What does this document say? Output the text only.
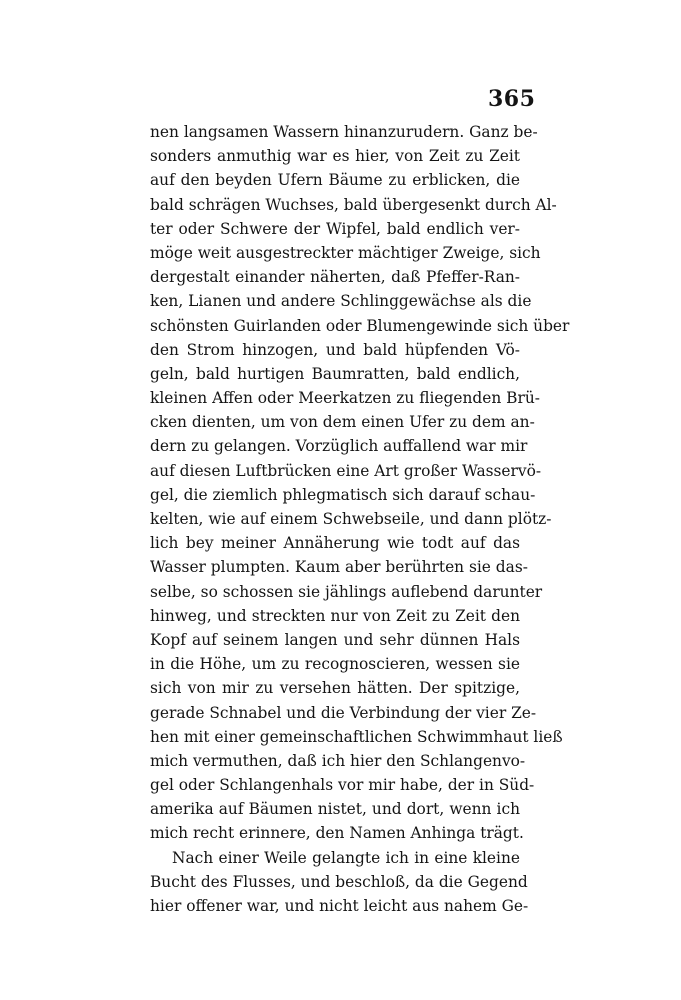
365
nen langsamen Wassern hinanzurudern. Ganz be-
sonders anmuthig war es hier, von Zeit zu Zeit
auf den beyden Ufern Bäume zu erblicken, die
bald schrägen Wuchses, bald übergesenkt durch Al-
ter oder Schwere der Wipfel, bald endlich ver-
möge weit ausgestreckter mächtiger Zweige, sich
dergestalt einander näherten, daß Pfeffer-Ran-
ken, Lianen und andere Schlinggewächse als die
schönsten Guirlanden oder Blumengewinde sich über
den Strom hinzogen, und bald hüpfenden Vö-
geln, bald hurtigen Baumratten, bald endlich,
kleinen Affen oder Meerkatzen zu fliegenden Brü-
cken dienten, um von dem einen Ufer zu dem an-
dern zu gelangen. Vorzüglich auffallend war mir
auf diesen Luftbrücken eine Art großer Wasservö-
gel, die ziemlich phlegmatisch sich darauf schau-
kelten, wie auf einem Schwebseile, und dann plötz-
lich bey meiner Annäherung wie todt auf das
Wasser plumpten. Kaum aber berührten sie das-
selbe, so schossen sie jählings auflebend darunter
hinweg, und streckten nur von Zeit zu Zeit den
Kopf auf seinem langen und sehr dünnen Hals
in die Höhe, um zu recognoscieren, wessen sie
sich von mir zu versehen hätten. Der spitzige,
gerade Schnabel und die Verbindung der vier Ze-
hen mit einer gemeinschaftlichen Schwimmhaut ließ
mich vermuthen, daß ich hier den Schlangenvo-
gel oder Schlangenhals vor mir habe, der in Süd-
amerika auf Bäumen nistet, und dort, wenn ich
mich recht erinnere, den Namen Anhinga trägt.
Nach einer Weile gelangte ich in eine kleine
Bucht des Flusses, und beschloß, da die Gegend
hier offener war, und nicht leicht aus nahem Ge-
